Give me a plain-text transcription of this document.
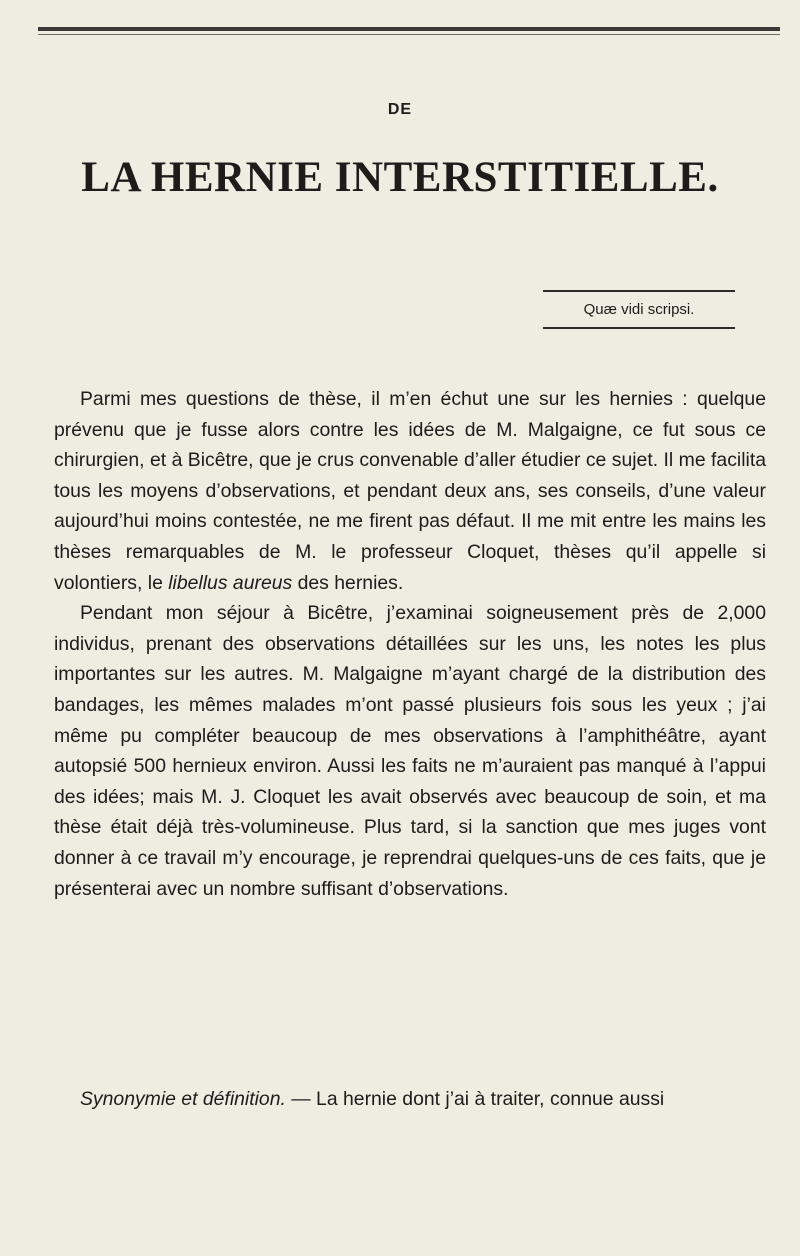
DE
LA HERNIE INTERSTITIELLE.
Quæ vidi scripsi.

Parmi mes questions de thèse, il m’en échut une sur les hernies : quelque prévenu que je fusse alors contre les idées de M. Malgaigne, ce fut sous ce chirurgien, et à Bicêtre, que je crus convenable d’aller étudier ce sujet. Il me facilita tous les moyens d’observations, et pendant deux ans, ses conseils, d’une valeur aujourd’hui moins contestée, ne me firent pas défaut. Il me mit entre les mains les thèses remarquables de M. le professeur Cloquet, thèses qu’il appelle si volontiers, le libellus aureus des hernies.

Pendant mon séjour à Bicêtre, j’examinai soigneusement près de 2,000 individus, prenant des observations détaillées sur les uns, les notes les plus importantes sur les autres. M. Malgaigne m’ayant chargé de la distribution des bandages, les mêmes malades m’ont passé plusieurs fois sous les yeux ; j’ai même pu compléter beaucoup de mes observations à l’amphithéâtre, ayant autopsié 500 hernieux environ. Aussi les faits ne m’auraient pas manqué à l’appui des idées; mais M. J. Cloquet les avait observés avec beaucoup de soin, et ma thèse était déjà très-volumineuse. Plus tard, si la sanction que mes juges vont donner à ce travail m’y encourage, je reprendrai quelques-uns de ces faits, que je présenterai avec un nombre suffisant d’observations.

Synonymie et définition. — La hernie dont j’ai à traiter, connue aussi
